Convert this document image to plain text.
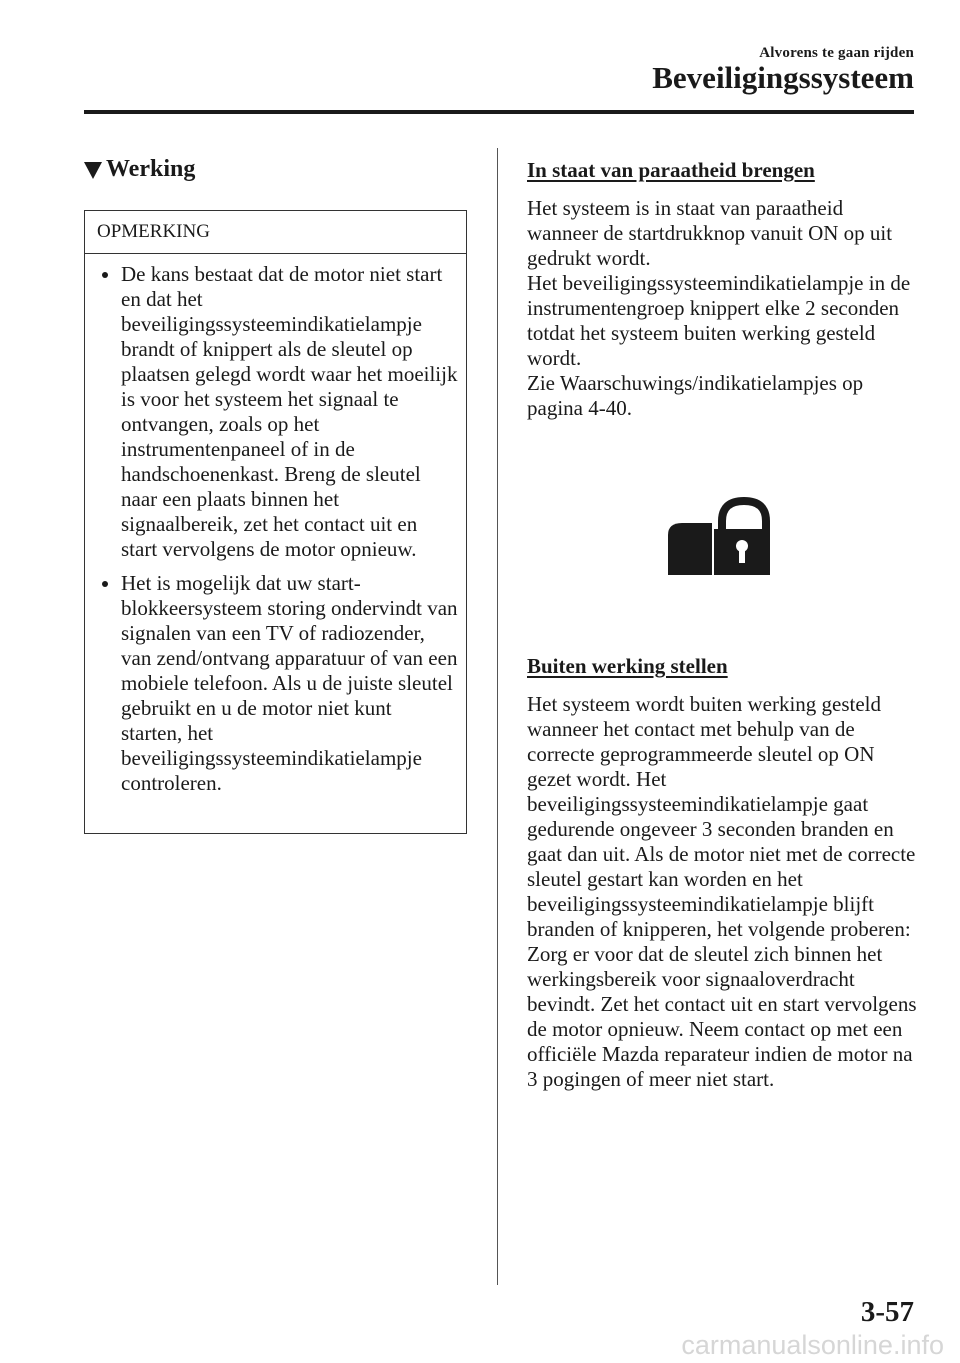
Alvorens te gaan rijden
Beveiligingssysteem
Werking
OPMERKING
De kans bestaat dat de motor niet start en dat het beveiligingssysteemindikatielampje brandt of knippert als de sleutel op plaatsen gelegd wordt waar het moeilijk is voor het systeem het signaal te ontvangen, zoals op het instrumentenpaneel of in de handschoenenkast. Breng de sleutel naar een plaats binnen het signaalbereik, zet het contact uit en start vervolgens de motor opnieuw.
Het is mogelijk dat uw start-blokkeersysteem storing ondervindt van signalen van een TV of radiozender, van zend/ontvang apparatuur of van een mobiele telefoon. Als u de juiste sleutel gebruikt en u de motor niet kunt starten, het beveiligingssysteemindikatielampje controleren.
In staat van paraatheid brengen

Het systeem is in staat van paraatheid wanneer de startdrukknop vanuit ON op uit gedrukt wordt.
Het beveiligingssysteemindikatielampje in de instrumentengroep knippert elke 2 seconden totdat het systeem buiten werking gesteld wordt.
Zie Waarschuwings/indikatielampjes op pagina 4-40.

Buiten werking stellen

Het systeem wordt buiten werking gesteld wanneer het contact met behulp van de correcte geprogrammeerde sleutel op ON gezet wordt. Het beveiligingssysteemindikatielampje gaat gedurende ongeveer 3 seconden branden en gaat dan uit. Als de motor niet met de correcte sleutel gestart kan worden en het beveiligingssysteemindikatielampje blijft branden of knipperen, het volgende proberen:
Zorg er voor dat de sleutel zich binnen het werkingsbereik voor signaaloverdracht bevindt. Zet het contact uit en start vervolgens de motor opnieuw. Neem contact op met een officiële Mazda reparateur indien de motor na 3 pogingen of meer niet start.

3-57
carmanualsonline.info
